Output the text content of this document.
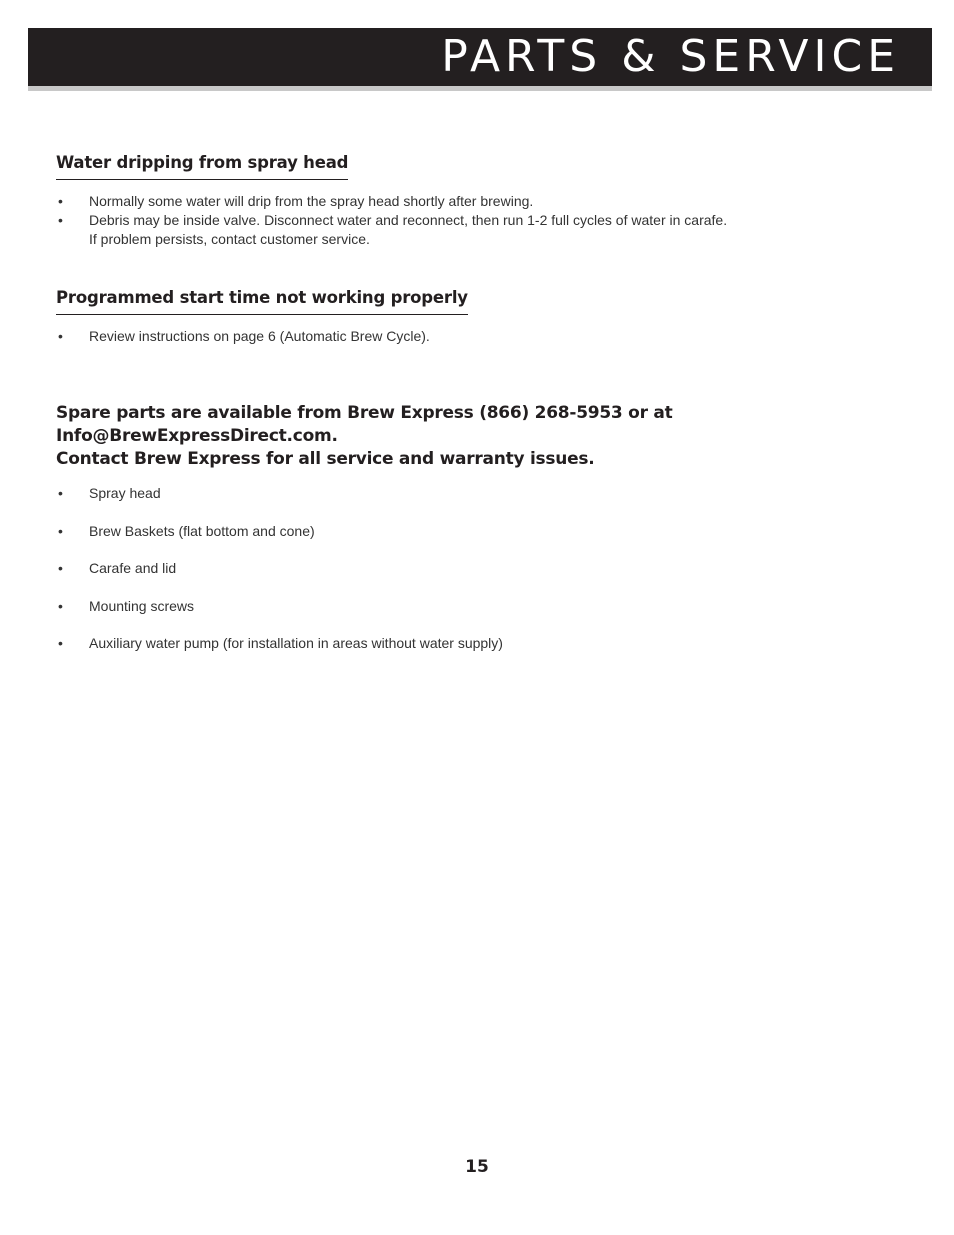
PARTS & SERVICE
Water dripping from spray head
• Normally some water will drip from the spray head shortly after brewing.
• Debris may be inside valve. Disconnect water and reconnect, then run 1-2 full cycles of water in carafe.
If problem persists, contact customer service.
Programmed start time not working properly
• Review instructions on page 6 (Automatic Brew Cycle).

Spare parts are available from Brew Express (866) 268-5953 or at Info@BrewExpressDirect.com.
Contact Brew Express for all service and warranty issues.

• Spray head
• Brew Baskets (flat bottom and cone)
• Carafe and lid
• Mounting screws
• Auxiliary water pump (for installation in areas without water supply)
15
